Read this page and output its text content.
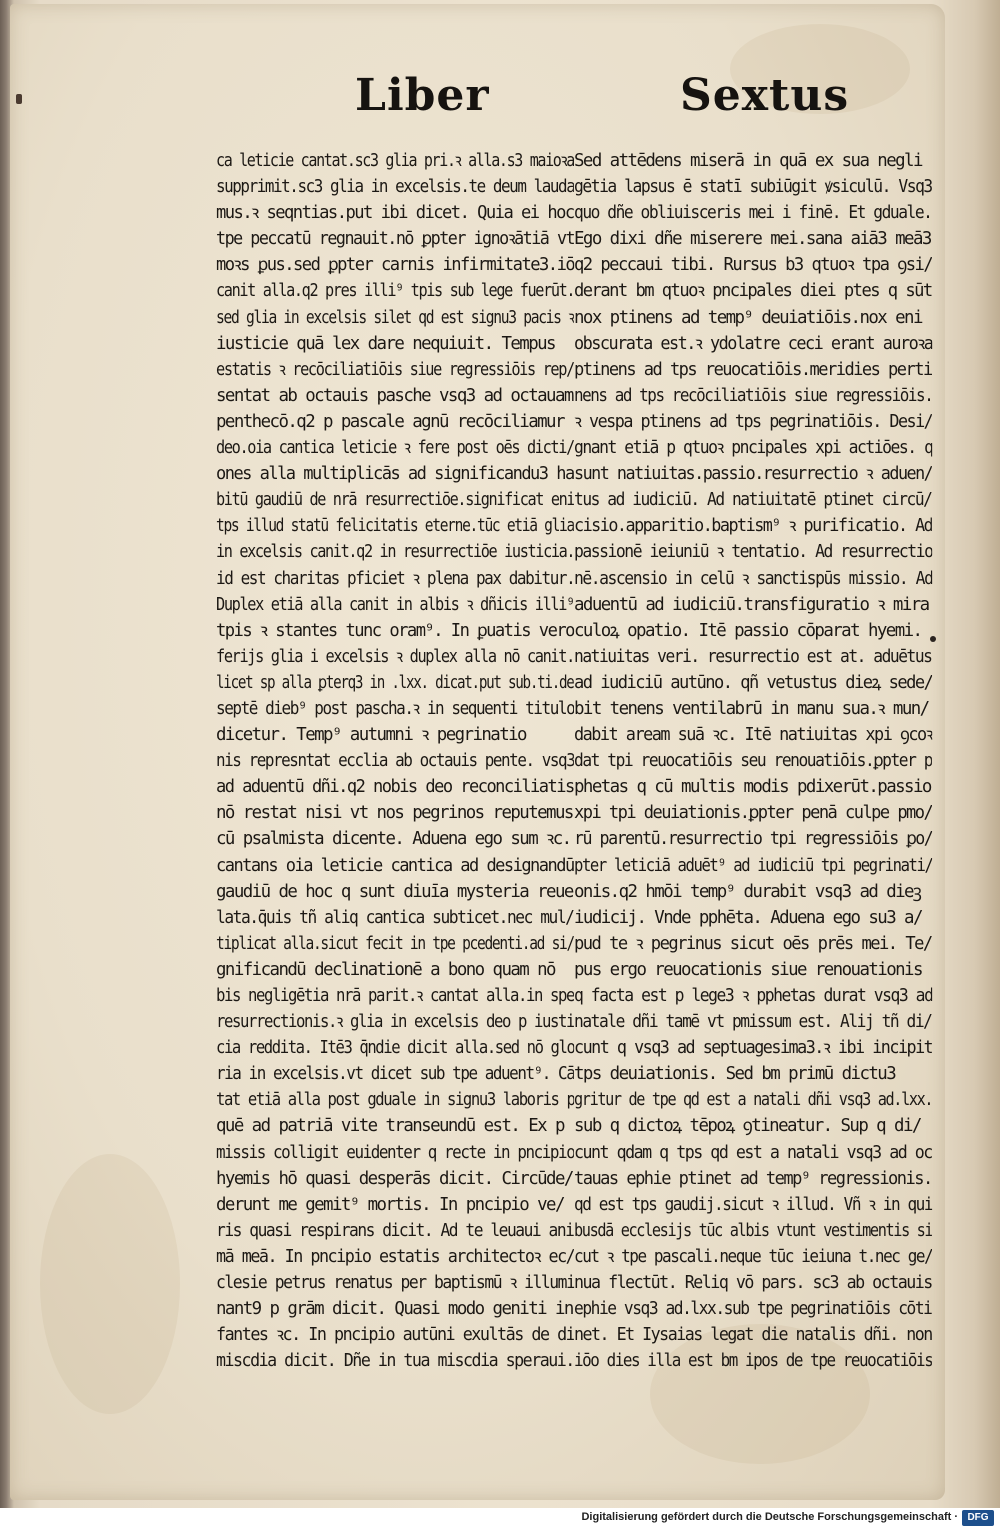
Liber	Sextus
ca leticie cantat.sc3 glia pri.ꝛ alla.s3 maioꝛa
supprimit.sc3 glia in excelsis.te deum lauda
mus.ꝛ seqntias.put ibi dicet. Quia ei hoc
tpe peccatū regnauit.nō ꝑpter ignoꝛātiā vt
moꝛs ꝑus.sed ꝑpter carnis infirmitate3.iō
canit alla.q2 pres illi⁹ tpis sub lege fuerūt.
sed glia in excelsis silet qd est signu3 pacis ꝛ
iusticie quā lex dare nequiuit. Tempus
estatis ꝛ recōciliatiōis siue regressiōis rep/
sentat ab octauis pasche vsq3 ad octauam
penthecō.q2 p pascale agnū recōciliamur
deo.oia cantica leticie ꝛ fere post oēs dicti/
ones alla multiplicās ad significandu3 ha
bitū gaudiū de nrā resurrectiōe.significat eni
tps illud statū felicitatis eterne.tūc etiā glia
in excelsis canit.q2 in resurrectiōe iusticia.
id est charitas pficiet ꝛ plena pax dabitur.
Duplex etiā alla canit in albis ꝛ dñicis illi⁹
tpis ꝛ stantes tunc oram⁹. In ꝑuatis vero
ferijs glia i excelsis ꝛ duplex alla nō canit.
licet sp alla ꝑterq3 in .lxx. dicat.put sub.ti.de
septē dieb⁹ post pascha.ꝛ in sequenti titulo
dicetur. Temp⁹ autumni ꝛ pegrinatio
nis represntat ecclia ab octauis pente. vsq3
ad aduentū dñi.q2 nobis deo reconciliatis
nō restat nisi vt nos pegrinos reputemus
cū psalmista dicente. Aduena ego sum ꝛc.
cantans oia leticie cantica ad designandū
gaudiū de hoc q sunt diuīa mysteria reue
lata.q̄uis tñ aliq cantica subticet.nec mul/
tiplicat alla.sicut fecit in tpe pcedenti.ad si/
gnificandū declinationē a bono quam nō
bis negligētia nrā parit.ꝛ cantat alla.in spe
resurrectionis.ꝛ glia in excelsis deo p iusti
cia reddita. Itē3 q̄ndie dicit alla.sed nō glo
ria in excelsis.vt dicet sub tpe aduent⁹. Cā
tat etiā alla post gduale in signu3 laboris p
quē ad patriā vite transeundū est. Ex p
missis colligit euidenter q recte in pncipio
hyemis hō quasi desperās dicit. Circūde/
derunt me gemit⁹ mortis. In pncipio ve/
ris quasi respirans dicit. Ad te leuaui ani
mā meā. In pncipio estatis architectoꝛ ec/
clesie petrus renatus per baptismū ꝛ illumi
nant9 p grām dicit. Quasi modo geniti in
fantes ꝛc. In pncipio autūni exultās de di
miscdia dicit. Dñe in tua miscdia speraui.
Sed attēdens miserā in quā ex sua negli
gētia lapsus ē statī subiūgit ꝟsiculū. Vsq3
quo dñe obliuisceris mei i finē. Et gduale.
Ego dixi dñe miserere mei.sana aiā3 meā3
q2 peccaui tibi. Rursus b3 qtuoꝛ tpa ꝯsi/
derant bm qtuoꝛ pncipales diei ptes q sūt
nox ptinens ad temp⁹ deuiatiōis.nox eni
obscurata est.ꝛ ydolatre ceci erant auroꝛa
ptinens ad tps reuocatiōis.meridies perti
nens ad tps recōciliatiōis siue regressiōis.
ꝛ vespa ptinens ad tps pegrinatiōis. Desi/
gnant etiā p qtuoꝛ pncipales xpi actiōes. q
sunt natiuitas.passio.resurrectio ꝛ aduen/
tus ad iudiciū. Ad natiuitatē ptinet circū/
cisio.apparitio.baptism⁹ ꝛ purificatio. Ad
passionē ieiuniū ꝛ tentatio. Ad resurrectio
nē.ascensio in celū ꝛ sanctispūs missio. Ad
aduentū ad iudiciū.transfiguratio ꝛ mira
culoꝝ opatio. Itē passio cōparat hyemi.
natiuitas veri. resurrectio est at. aduētus
ad iudiciū autūno. qñ vetustus dieꝝ sede/
bit tenens ventilabrū in manu sua.ꝛ mun/
dabit aream suā ꝛc. Itē natiuitas xpi ꝯcoꝛ
dat tpi reuocatiōis seu renouatiōis.ꝑpter p
phetas q cū multis modis pdixerūt.passio
xpi tpi deuiationis.ꝑpter penā culpe pmo/
rū parentū.resurrectio tpi regressiōis ꝑo/
pter leticiā aduēt⁹ ad iudiciū tpi pegrinati/
onis.q2 hmōi temp⁹ durabit vsq3 ad dieꝫ
iudicij. Vnde pphēta. Aduena ego su3 a/
pud te ꝛ pegrinus sicut oēs prēs mei. Te/
pus ergo reuocationis siue renouationis
q facta est p lege3 ꝛ pphetas durat vsq3 ad
natale dñi tamē vt pmissum est. Alij tñ di/
cunt q vsq3 ad septuagesima3.ꝛ ibi incipit
tps deuiationis. Sed bm primū dictu3
gritur de tpe qd est a natali dñi vsq3 ad.lxx.
sub q dictoꝝ tēpoꝝ ꝯtineatur. Sup q di/
cunt qdam q tps qd est a natali vsq3 ad oc
tauas ephie ptinet ad temp⁹ regressionis.
qd est tps gaudij.sicut ꝛ illud. Vñ ꝛ in qui
busdā ecclesijs tūc albis vtunt vestimentis si
cut ꝛ tpe pascali.neque tūc ieiuna t.nec ge/
nua flectūt. Reliq vō pars. sc3 ab octauis
ephie vsq3 ad.lxx.sub tpe pegrinatiōis cōti
net. Et Iysaias legat die natalis dñi. non
iōo dies illa est bm ipos de tpe reuocatiōis
Digitalisierung gefördert durch die Deutsche Forschungsgemeinschaft · DFG
